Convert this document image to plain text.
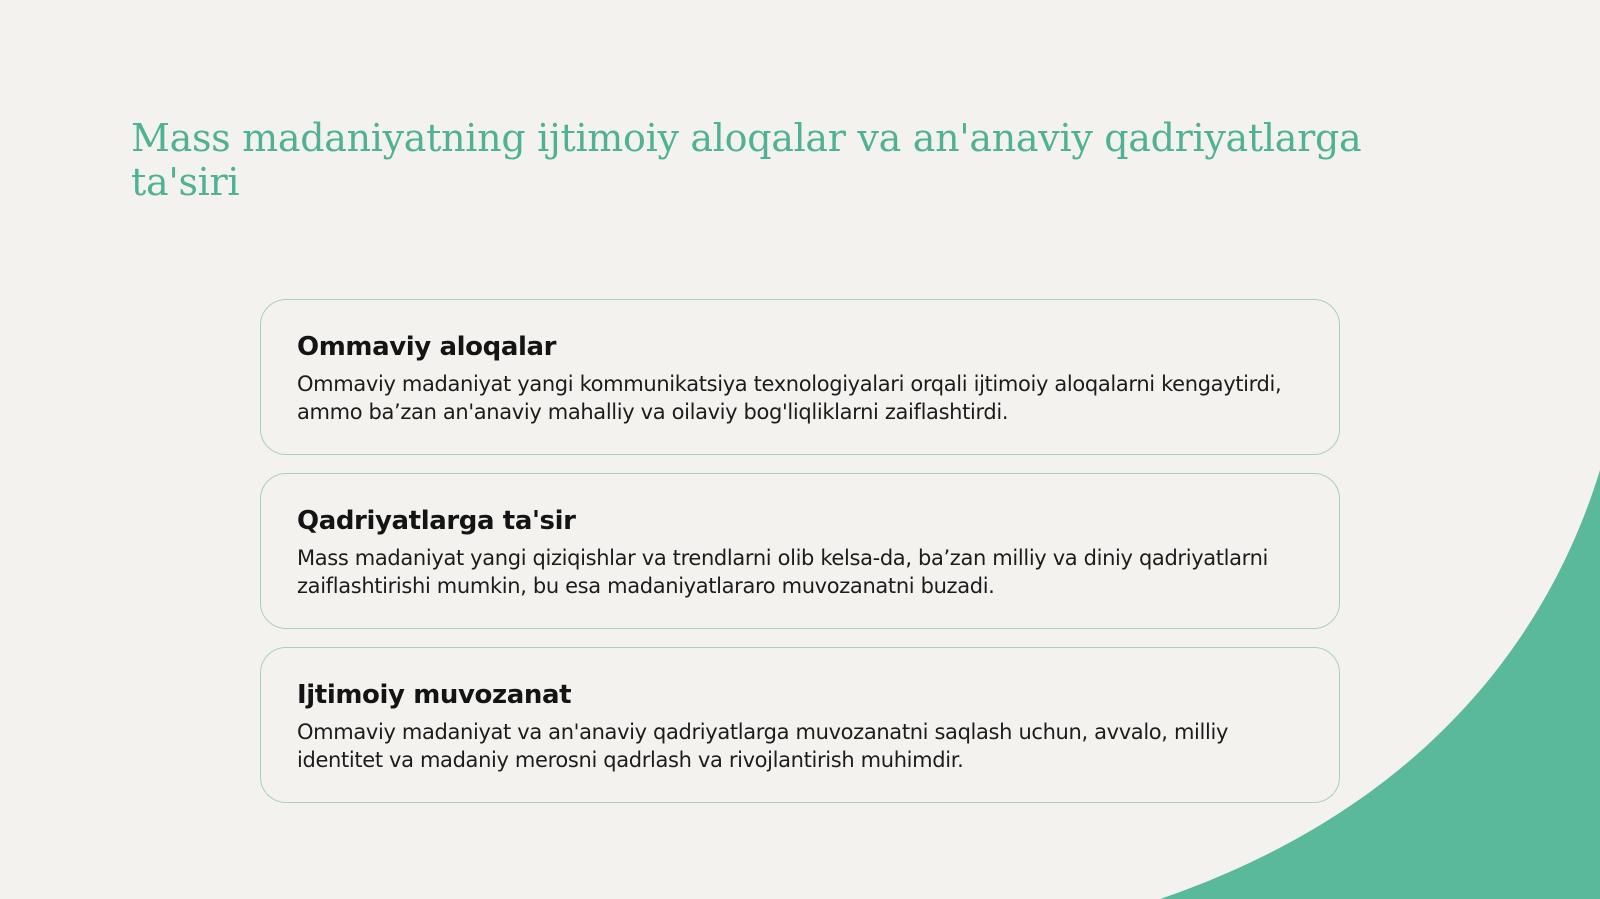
Mass madaniyatning ijtimoiy aloqalar va an'anaviy qadriyatlarga ta'siri
Ommaviy aloqalar

Ommaviy madaniyat yangi kommunikatsiya texnologiyalari orqali ijtimoiy aloqalarni kengaytirdi, ammo ba’zan an'anaviy mahalliy va oilaviy bog'liqliklarni zaiflashtirdi.

Qadriyatlarga ta'sir

Mass madaniyat yangi qiziqishlar va trendlarni olib kelsa-da, ba’zan milliy va diniy qadriyatlarni zaiflashtirishi mumkin, bu esa madaniyatlararo muvozanatni buzadi.

Ijtimoiy muvozanat

Ommaviy madaniyat va an'anaviy qadriyatlarga muvozanatni saqlash uchun, avvalo, milliy identitet va madaniy merosni qadrlash va rivojlantirish muhimdir.
